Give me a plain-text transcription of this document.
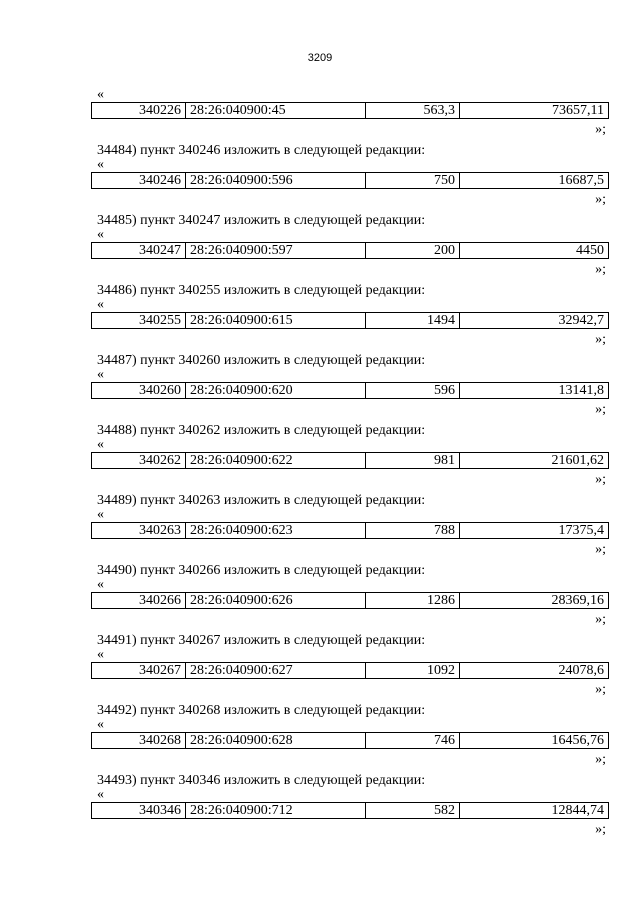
3209
«
340226 28:26:040900:45	563,3	73657,11
»;
34484) пункт 340246 изложить в следующей редакции:
«
340246 28:26:040900:596	750	16687,5
»;
34485) пункт 340247 изложить в следующей редакции:
«
340247 28:26:040900:597	200	4450
»;
34486) пункт 340255 изложить в следующей редакции:
«
340255 28:26:040900:615	1494	32942,7
»;
34487) пункт 340260 изложить в следующей редакции:
«
340260 28:26:040900:620	596	13141,8
»;
34488) пункт 340262 изложить в следующей редакции:
«
340262 28:26:040900:622	981	21601,62
»;
34489) пункт 340263 изложить в следующей редакции:
«
340263 28:26:040900:623	788	17375,4
»;
34490) пункт 340266 изложить в следующей редакции:
«
340266 28:26:040900:626	1286	28369,16
»;
34491) пункт 340267 изложить в следующей редакции:
«
340267 28:26:040900:627	1092	24078,6
»;
34492) пункт 340268 изложить в следующей редакции:
«
340268 28:26:040900:628	746	16456,76
»;
34493) пункт 340346 изложить в следующей редакции:
«
340346 28:26:040900:712	582	12844,74
»;
